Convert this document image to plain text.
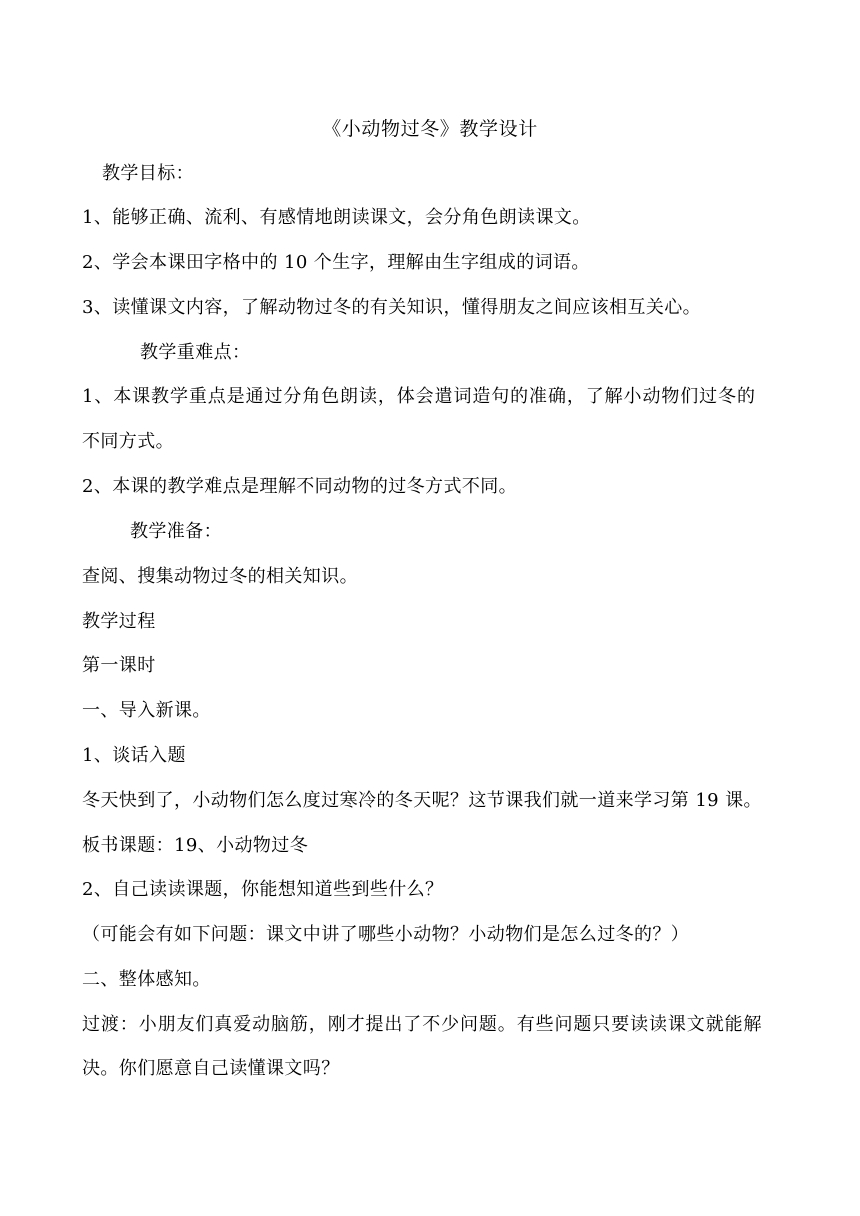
《小动物过冬》教学设计
教学目标：
1、能够正确、流利、有感情地朗读课文，会分角色朗读课文。
2、学会本课田字格中的 10 个生字，理解由生字组成的词语。
3、读懂课文内容，了解动物过冬的有关知识，懂得朋友之间应该相互关心。
教学重难点：
1、本课教学重点是通过分角色朗读，体会遣词造句的准确，了解小动物们过冬的
不同方式。
2、本课的教学难点是理解不同动物的过冬方式不同。
教学准备：
查阅、搜集动物过冬的相关知识。
教学过程
第一课时
一、导入新课。
1、谈话入题
冬天快到了，小动物们怎么度过寒冷的冬天呢？这节课我们就一道来学习第 19 课。
板书课题：19、小动物过冬
2、自己读读课题，你能想知道些到些什么？
（可能会有如下问题：课文中讲了哪些小动物？小动物们是怎么过冬的？）
二、整体感知。
过渡：小朋友们真爱动脑筋，刚才提出了不少问题。有些问题只要读读课文就能解
决。你们愿意自己读懂课文吗？
